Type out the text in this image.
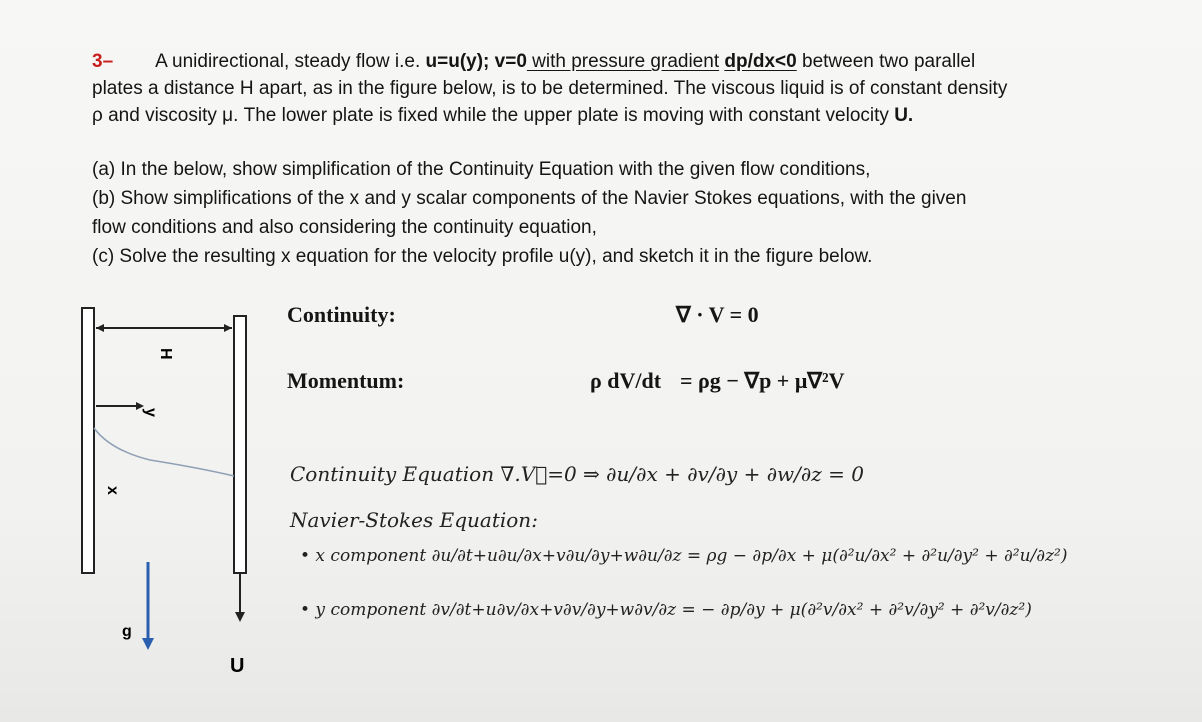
3– A unidirectional, steady flow i.e. u=u(y); v=0 with pressure gradient dp/dx<0 between two parallel
plates a distance H apart, as in the figure below, is to be determined. The viscous liquid is of constant density
ρ and viscosity μ. The lower plate is fixed while the upper plate is moving with constant velocity U.
(a) In the below, show simplification of the Continuity Equation with the given flow conditions,
(b) Show simplifications of the x and y scalar components of the Navier Stokes equations, with the given
flow conditions and also considering the continuity equation,
(c) Solve the resulting x equation for the velocity profile u(y), and sketch it in the figure below.
Continuity:	∇ · V = 0
Momentum:	ρ dV/dt = ρg − ∇p + μ∇²V
Continuity Equation ∇.V⃗=0 ⇒ ∂u/∂x + ∂v/∂y + ∂w/∂z = 0
Navier-Stokes Equation:
• x component ∂u/∂t+u∂u/∂x+v∂u/∂y+w∂u/∂z = ρg − ∂p/∂x + μ(∂²u/∂x² + ∂²u/∂y² + ∂²u/∂z²)
• y component ∂v/∂t+u∂v/∂x+v∂v/∂y+w∂v/∂z = − ∂p/∂y + μ(∂²v/∂x² + ∂²v/∂y² + ∂²v/∂z²)
H
y
x
U
g
